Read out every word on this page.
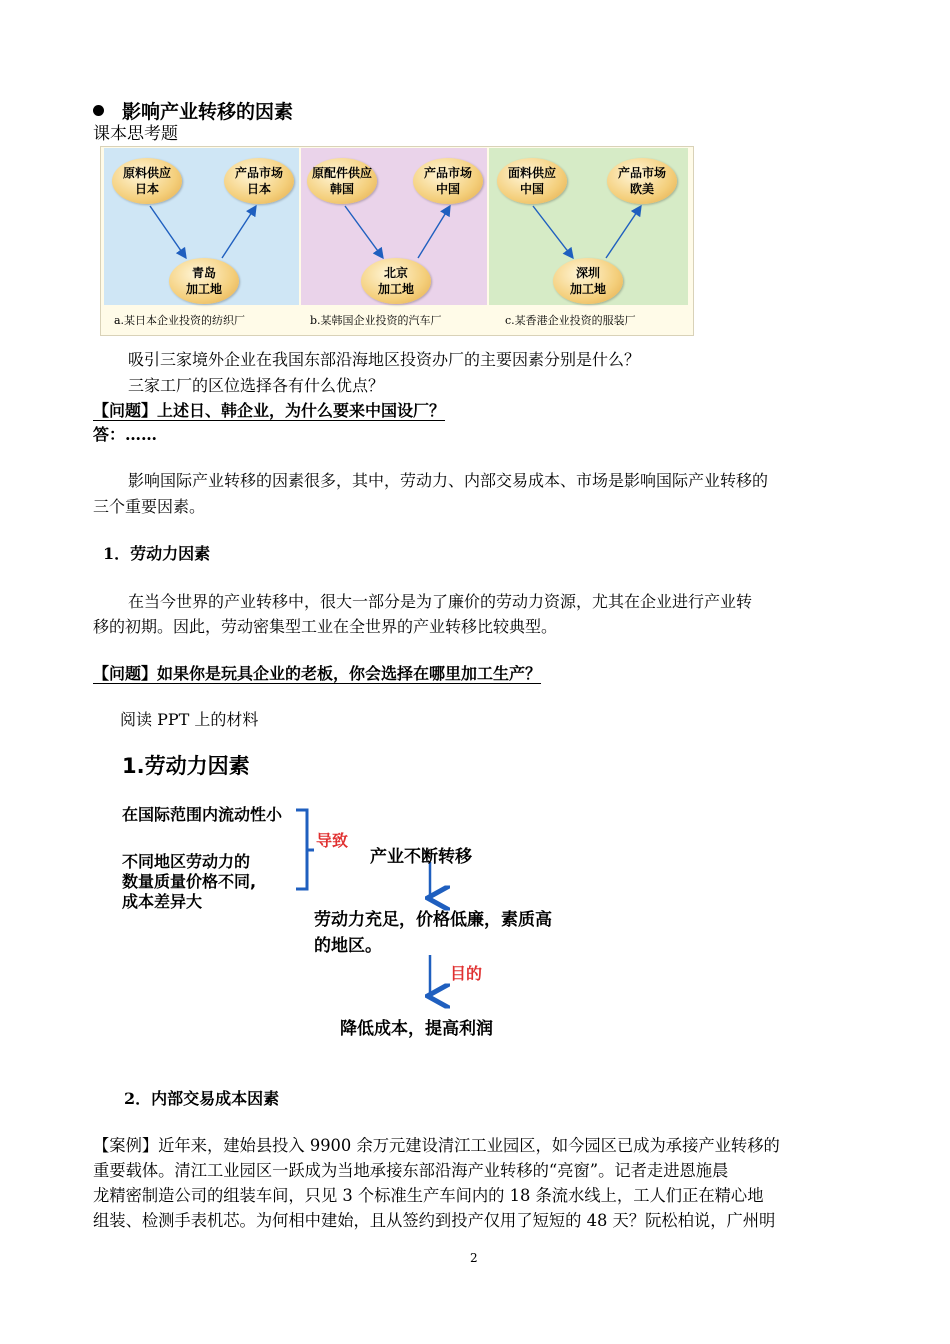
影响产业转移的因素
课本思考题
原料供应
日本
产品市场
日本
青岛
加工地
原配件供应
韩国
产品市场
中国
北京
加工地
面料供应
中国
产品市场
欧美
深圳
加工地
a.某日本企业投资的纺织厂	b.某韩国企业投资的汽车厂	c.某香港企业投资的服装厂
吸引三家境外企业在我国东部沿海地区投资办厂的主要因素分别是什么？
三家工厂的区位选择各有什么优点？
【问题】上述日、韩企业，为什么要来中国设厂？
答：……
影响国际产业转移的因素很多，其中，劳动力、内部交易成本、市场是影响国际产业转移的
三个重要因素。
1．劳动力因素
在当今世界的产业转移中，很大一部分是为了廉价的劳动力资源，尤其在企业进行产业转
移的初期。因此，劳动密集型工业在全世界的产业转移比较典型。
【问题】如果你是玩具企业的老板，你会选择在哪里加工生产？
阅读 PPT 上的材料
1.劳动力因素
在国际范围内流动性小
不同地区劳动力的
数量质量价格不同,
成本差异大
导致
产业不断转移
劳动力充足，价格低廉，素质高
的地区。
目的
降低成本，提高利润
2．内部交易成本因素
【案例】近年来，建始县投入 9900 余万元建设清江工业园区，如今园区已成为承接产业转移的
重要载体。清江工业园区一跃成为当地承接东部沿海产业转移的“亮窗”。记者走进恩施晨
龙精密制造公司的组装车间，只见 3 个标准生产车间内的 18 条流水线上，工人们正在精心地
组装、检测手表机芯。为何相中建始，且从签约到投产仅用了短短的 48 天？阮松柏说，广州明
2
